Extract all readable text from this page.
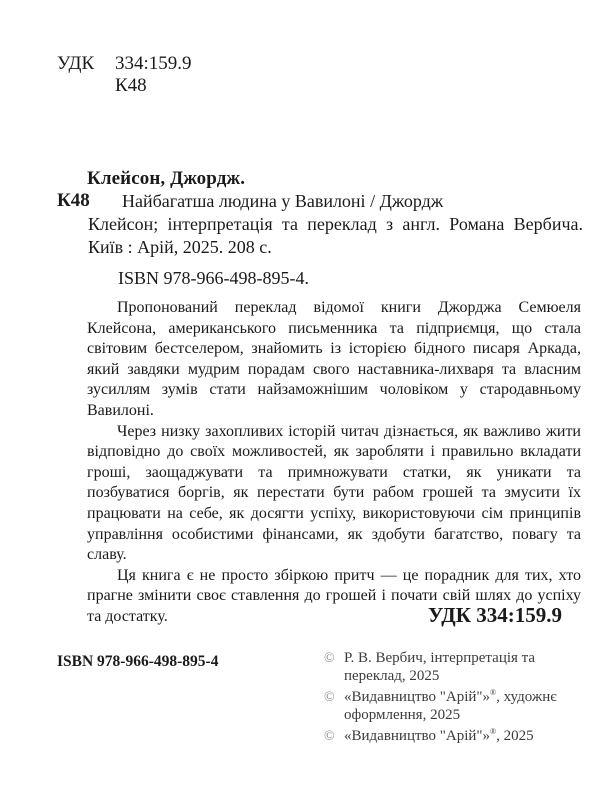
УДК 334:159.9
К48
Клейсон, Джордж.
К48	Найбагатша людина у Вавилоні / Джордж
Клейсон; інтерпретація та переклад з англ. Романа Вербича. Київ : Арій, 2025. 208 с.
ISBN 978-966-498-895-4.

Пропонований переклад відомої книги Джорджа Семюеля Клейсона, американського письменника та підприємця, що стала світовим бестселером, знайомить із історією бідного писаря Аркада, який завдяки мудрим порадам свого наставника-лихваря та власним зусиллям зумів стати найзаможнішим чоловіком у стародавньому Вавилоні.

Через низку захопливих історій читач дізнається, як важливо жити відповідно до своїх можливостей, як заробляти і правильно вкладати гроші, заощаджувати та примножувати статки, як уникати та позбуватися боргів, як перестати бути рабом грошей та змусити їх працювати на себе, як досягти успіху, використовуючи сім принципів управління особистими фінансами, як здобути багатство, повагу та славу.

Ця книга є не просто збіркою притч — це порадник для тих, хто прагне змінити своє ставлення до грошей і почати свій шлях до успіху та достатку.	УДК 334:159.9
ISBN 978-966-498-895-4	© Р. В. Вербич, інтерпретація та переклад, 2025
© «Видавництво "Арій"»®, художнє оформлення, 2025
© «Видавництво "Арій"»®, 2025
